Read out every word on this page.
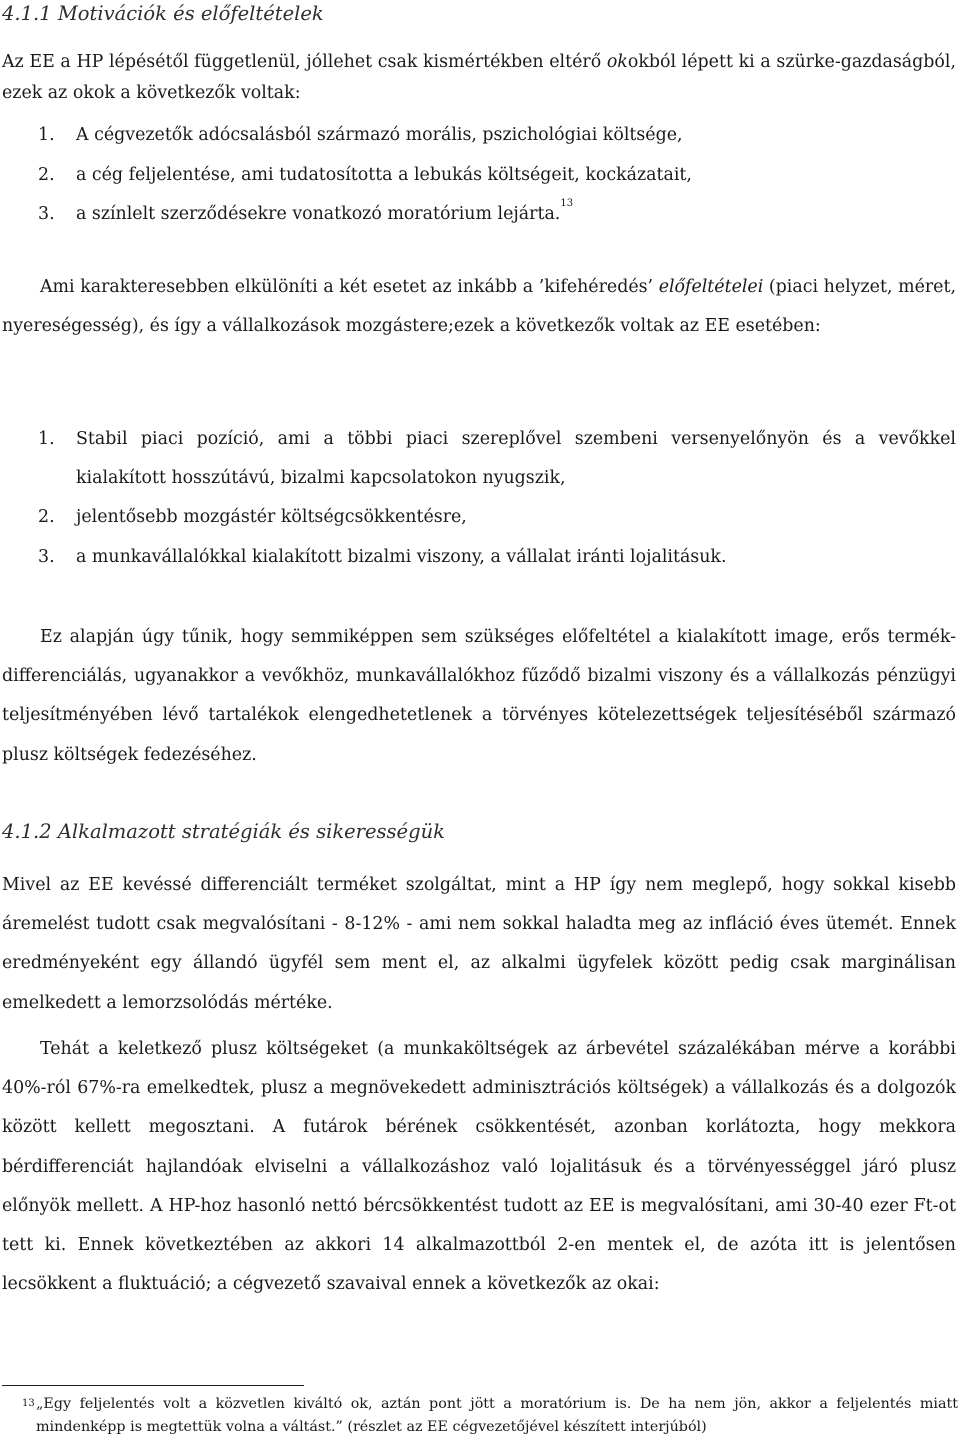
4.1.1 Motivációk és előfeltételek

Az EE a HP lépésétől függetlenül, jóllehet csak kismértékben eltérő okokból lépett ki a szürke-gazdaságból, ezek az okok a következők voltak:

1. A cégvezetők adócsalásból származó morális, pszichológiai költsége,
2. a cég feljelentése, ami tudatosította a lebukás költségeit, kockázatait,
3. a színlelt szerződésekre vonatkozó moratórium lejárta.$^{13}$

Ami karakteresebben elkülöníti a két esetet az inkább a ’kifehéredés’ előfeltételei (piaci helyzet, méret, nyereségesség), és így a vállalkozások mozgástere;ezek a következők voltak az EE esetében:

1. Stabil piaci pozíció, ami a többi piaci szereplővel szembeni versenyelőnyön és a vevőkkel kialakított hosszútávú, bizalmi kapcsolatokon nyugszik,
2. jelentősebb mozgástér költségcsökkentésre,
3. a munkavállalókkal kialakított bizalmi viszony, a vállalat iránti lojalitásuk.

Ez alapján úgy tűnik, hogy semmiképpen sem szükséges előfeltétel a kialakított image, erős termék-differenciálás, ugyanakkor a vevőkhöz, munkavállalókhoz fűződő bizalmi viszony és a vállalkozás pénzügyi teljesítményében lévő tartalékok elengedhetetlenek a törvényes kötelezettségek teljesítéséből származó plusz költségek fedezéséhez.

4.1.2 Alkalmazott stratégiák és sikerességük

Mivel az EE kevéssé differenciált terméket szolgáltat, mint a HP így nem meglepő, hogy sokkal kisebb áremelést tudott csak megvalósítani - 8-12% - ami nem sokkal haladta meg az infláció éves ütemét. Ennek eredményeként egy állandó ügyfél sem ment el, az alkalmi ügyfelek között pedig csak marginálisan emelkedett a lemorzsolódás mértéke.

Tehát a keletkező plusz költségeket (a munkaköltségek az árbevétel százalékában mérve a korábbi 40%-ról 67%-ra emelkedtek, plusz a megnövekedett adminisztrációs költségek) a vállalkozás és a dolgozók között kellett megosztani. A futárok bérének csökkentését, azonban korlátozta, hogy mekkora bérdifferenciát hajlandóak elviselni a vállalkozáshoz való lojalitásuk és a törvényességgel járó plusz előnyök mellett. A HP-hoz hasonló nettó bércsökkentést tudott az EE is megvalósítani, ami 30-40 ezer Ft-ot tett ki. Ennek következtében az akkori 14 alkalmazottból 2-en mentek el, de azóta itt is jelentősen lecsökkent a fluktuáció; a cégvezető szavaival ennek a következők az okai:

13 „Egy feljelentés volt a közvetlen kiváltó ok, aztán pont jött a moratórium is. De ha nem jön, akkor a feljelentés miatt mindenképp is megtettük volna a váltást.” (részlet az EE cégvezetőjével készített interjúból)
